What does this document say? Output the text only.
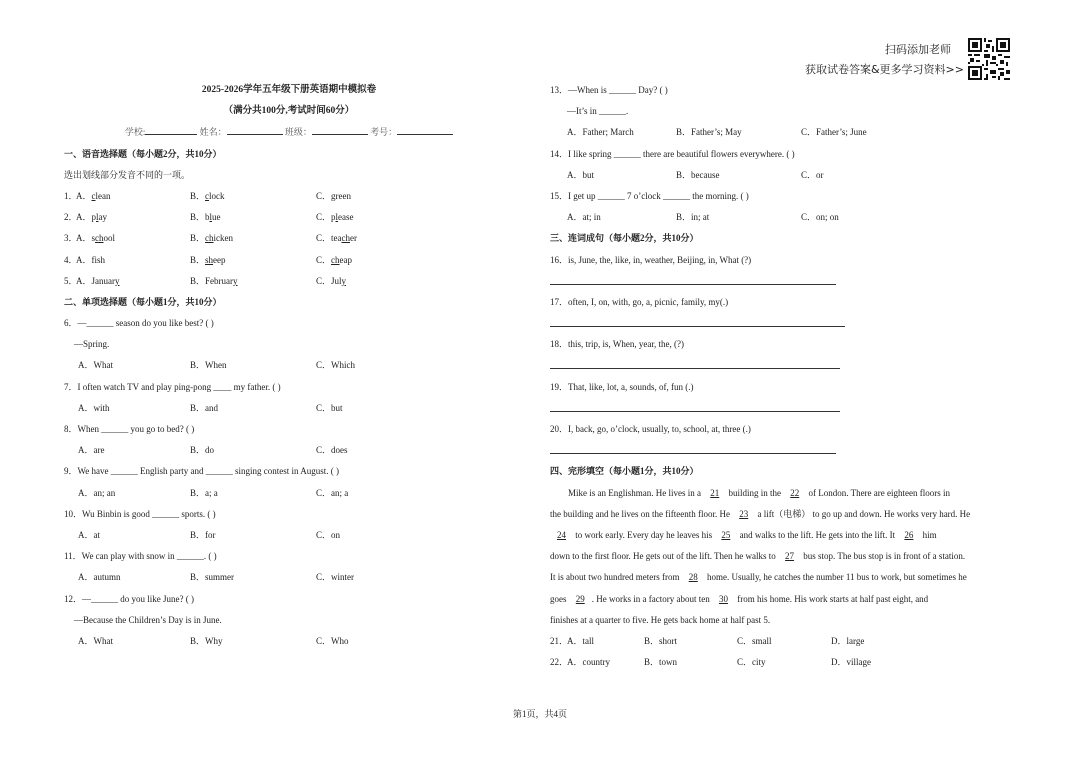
扫码添加老师
获取试卷答案&更多学习资料>>
2025-2026学年五年级下册英语期中模拟卷
（满分共100分,考试时间60分）
学校:	姓名：	班级：	考号：
一、语音选择题（每小题2分，共10分）
选出划线部分发音不同的一项。
1．
A．clean	B．clock	C．green
2．
A．play	B．blue	C．please
3．
A．school	B．chicken	C．teacher
4．
A．fish	B．sheep	C．cheap
5．
A．January	B．February	C．July
二、单项选择题（每小题1分，共10分）
6．—______ season do you like best? ( )
—Spring.
A．What	B．When	C．Which
7．I often watch TV and play ping-pong ____ my father. ( )
A．with	B．and	C．but
8．When ______ you go to bed? ( )
A．are	B．do	C．does
9．We have ______ English party and ______ singing contest in August. ( )
A．an; an	B．a; a	C．an; a
10．Wu Binbin is good ______ sports. ( )
A．at	B．for	C．on
11．We can play with snow in ______. ( )
A．autumn	B．summer	C．winter
12．—______ do you like June? ( )
—Because the Children’s Day is in June.
A．What	B．Why	C．Who
13．—When is ______ Day? ( )
—It’s in ______.
A．Father; March	B．Father’s; May	C．Father’s; June
14．I like spring ______ there are beautiful flowers everywhere. ( )
A．but	B．because	C．or
15．I get up ______ 7 o’clock ______ the morning. ( )
A．at; in	B．in; at	C．on; on
三、连词成句（每小题2分，共10分）
16．is, June, the, like, in, weather, Beijing, in, What (?)
17．often, I, on, with, go, a, picnic, family, my(.)
18．this, trip, is, When, year, the, (?)
19．That, like, lot, a, sounds, of, fun (.)
20．I, back, go, o’clock, usually, to, school, at, three (.)
四、完形填空（每小题1分，共10分）
Mike is an Englishman. He lives in a 21 building in the 22 of London. There are eighteen floors in
the building and he lives on the fifteenth floor. He 23 a lift（电梯） to go up and down. He works very hard. He
24 to work early. Every day he leaves his 25 and walks to the lift. He gets into the lift. It 26 him
down to the first floor. He gets out of the lift. Then he walks to 27 bus stop. The bus stop is in front of a station.
It is about two hundred meters from 28 home. Usually, he catches the number 11 bus to work, but sometimes he
goes 29 . He works in a factory about ten 30 from his home. His work starts at half past eight, and
finishes at a quarter to five. He gets back home at half past 5.
21．
A．tall	B．short	C．small	D．large
22．
A．country	B．town	C．city	D．village
第1页，共4页
